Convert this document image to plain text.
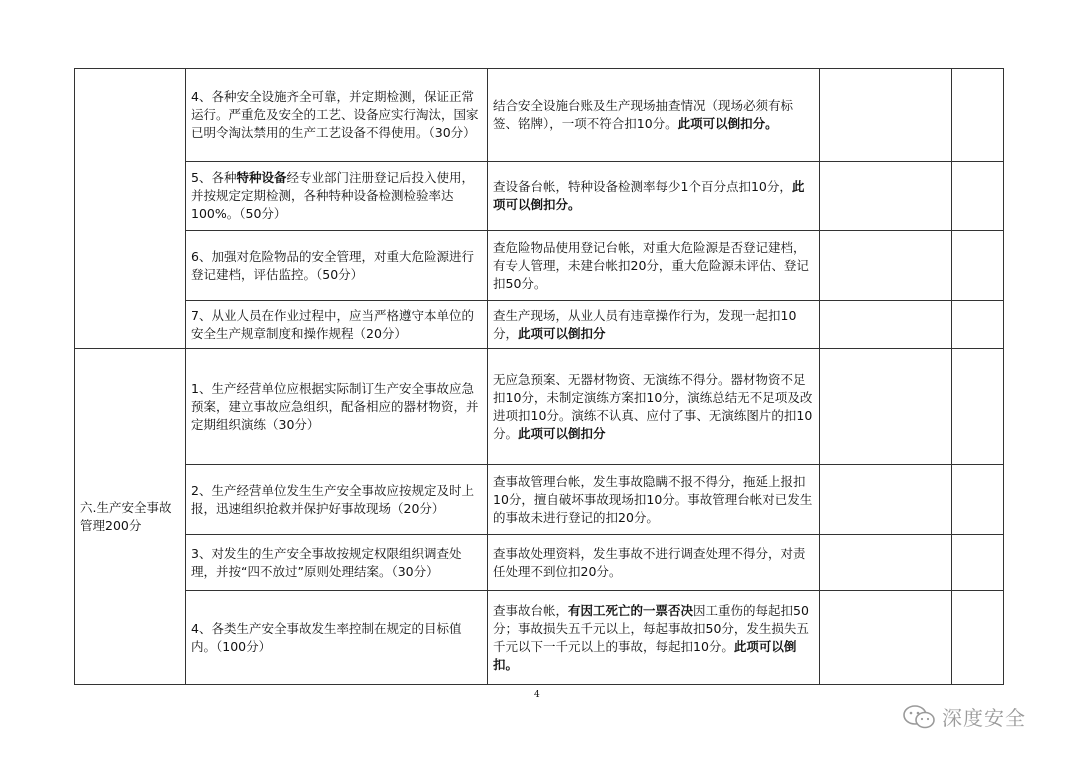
	4、各种安全设施齐全可靠，并定期检测，保证正常运行。严重危及安全的工艺、设备应实行淘汰，国家已明令淘汰禁用的生产工艺设备不得使用。（30分）	结合安全设施台账及生产现场抽查情况（现场必须有标签、铭牌），一项不符合扣10分。此项可以倒扣分。		
	5、各种特种设备经专业部门注册登记后投入使用，并按规定定期检测，各种特种设备检测检验率达100%。（50分）	查设备台帐，特种设备检测率每少1个百分点扣10分，此项可以倒扣分。		
	6、加强对危险物品的安全管理，对重大危险源进行登记建档，评估监控。（50分）	查危险物品使用登记台帐，对重大危险源是否登记建档，有专人管理，未建台帐扣20分，重大危险源未评估、登记扣50分。		
	7、从业人员在作业过程中，应当严格遵守本单位的安全生产规章制度和操作规程（20分）	查生产现场，从业人员有违章操作行为，发现一起扣10分，此项可以倒扣分		
六.生产安全事故管理200分	1、生产经营单位应根据实际制订生产安全事故应急预案，建立事故应急组织，配备相应的器材物资，并定期组织演练（30分）	无应急预案、无器材物资、无演练不得分。器材物资不足扣10分，未制定演练方案扣10分，演练总结无不足项及改进项扣10分。演练不认真、应付了事、无演练图片的扣10分。此项可以倒扣分		
	2、生产经营单位发生生产安全事故应按规定及时上报，迅速组织抢救并保护好事故现场（20分）	查事故管理台帐，发生事故隐瞒不报不得分，拖延上报扣10分，擅自破坏事故现场扣10分。事故管理台帐对已发生的事故未进行登记的扣20分。		
	3、对发生的生产安全事故按规定权限组织调查处理，并按“四不放过”原则处理结案。（30分）	查事故处理资料，发生事故不进行调查处理不得分，对责任处理不到位扣20分。		
	4、各类生产安全事故发生率控制在规定的目标值内。（100分）	查事故台帐，有因工死亡的一票否决因工重伤的每起扣50分；事故损失五千元以上，每起事故扣50分，发生损失五千元以下一千元以上的事故，每起扣10分。此项可以倒扣。		
4
深度安全
